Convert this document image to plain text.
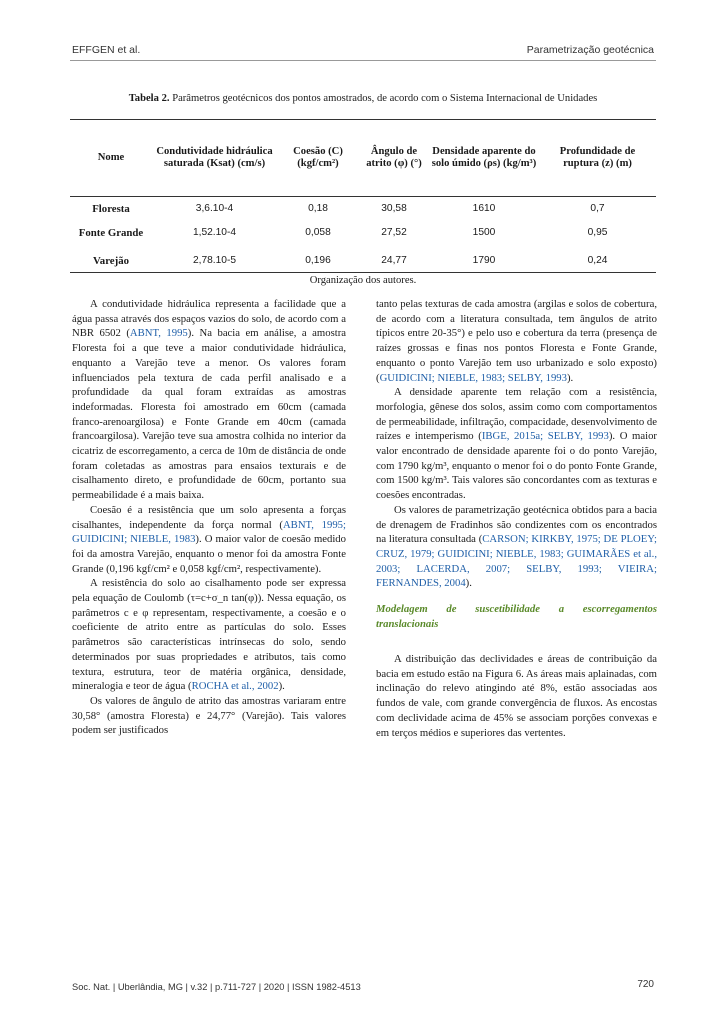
EFFGEN et al.	Parametrização geotécnica
Tabela 2. Parâmetros geotécnicos dos pontos amostrados, de acordo com o Sistema Internacional de Unidades
Nome	Condutividade hidráulica saturada (Ksat) (cm/s)	Coesão (C) (kgf/cm²)	Ângulo de atrito (φ) (°)	Densidade aparente do solo úmido (ρs) (kg/m³)	Profundidade de ruptura (z) (m)
Floresta	3,6.10-4	0,18	30,58	1610	0,7
Fonte Grande	1,52.10-4	0,058	27,52	1500	0,95
Varejão	2,78.10-5	0,196	24,77	1790	0,24
Organização dos autores.

A condutividade hidráulica representa a facilidade que a água passa através dos espaços vazios do solo, de acordo com a NBR 6502 (ABNT, 1995). Na bacia em análise, a amostra Floresta foi a que teve a maior condutividade hidráulica, enquanto a Varejão teve a menor. Os valores foram influenciados pela textura de cada perfil analisado e a profundidade da qual foram extraídas as amostras indeformadas. Floresta foi amostrado em 60cm (camada franco-arenoargilosa) e Fonte Grande em 40cm (camada francoargilosa). Varejão teve sua amostra colhida no interior da cicatriz de escorregamento, a cerca de 10m de distância de onde foram coletadas as amostras para ensaios texturais e de cisalhamento direto, e profundidade de 60cm, portanto sua permeabilidade é a mais baixa.

Coesão é a resistência que um solo apresenta a forças cisalhantes, independente da força normal (ABNT, 1995; GUIDICINI; NIEBLE, 1983). O maior valor de coesão medido foi da amostra Varejão, enquanto o menor foi da amostra Fonte Grande (0,196 kgf/cm² e 0,058 kgf/cm², respectivamente).

A resistência do solo ao cisalhamento pode ser expressa pela equação de Coulomb (τ=c+σ_n tan(φ)). Nessa equação, os parâmetros c e φ representam, respectivamente, a coesão e o coeficiente de atrito entre as partículas do solo. Esses parâmetros são características intrínsecas do solo, sendo determinados por suas propriedades e atributos, tais como textura, estrutura, teor de matéria orgânica, densidade, mineralogia e teor de água (ROCHA et al., 2002).

Os valores de ângulo de atrito das amostras variaram entre 30,58° (amostra Floresta) e 24,77° (Varejão). Tais valores podem ser justificados

tanto pelas texturas de cada amostra (argilas e solos de cobertura, de acordo com a literatura consultada, tem ângulos de atrito típicos entre 20-35°) e pelo uso e cobertura da terra (presença de raízes grossas e finas nos pontos Floresta e Fonte Grande, enquanto o ponto Varejão tem uso urbanizado e solo exposto) (GUIDICINI; NIEBLE, 1983; SELBY, 1993).

A densidade aparente tem relação com a resistência, morfologia, gênese dos solos, assim como com comportamentos de permeabilidade, infiltração, compacidade, desenvolvimento de raízes e intemperismo (IBGE, 2015a; SELBY, 1993). O maior valor encontrado de densidade aparente foi o do ponto Varejão, com 1790 kg/m³, enquanto o menor foi o do ponto Fonte Grande, com 1500 kg/m³. Tais valores são concordantes com as texturas e coesões encontradas.

Os valores de parametrização geotécnica obtidos para a bacia de drenagem de Fradinhos são condizentes com os encontrados na literatura consultada (CARSON; KIRKBY, 1975; DE PLOEY; CRUZ, 1979; GUIDICINI; NIEBLE, 1983; GUIMARÃES et al., 2003; LACERDA, 2007; SELBY, 1993; VIEIRA; FERNANDES, 2004).

Modelagem de suscetibilidade a escorregamentos translacionais

A distribuição das declividades e áreas de contribuição da bacia em estudo estão na Figura 6. As áreas mais aplainadas, com inclinação do relevo atingindo até 8%, estão associadas aos fundos de vale, com grande convergência de fluxos. As encostas com declividade acima de 45% se associam porções convexas e em terços médios e superiores das vertentes.

Soc. Nat. | Uberlândia, MG | v.32 | p.711-727 | 2020 | ISSN 1982-4513	720
